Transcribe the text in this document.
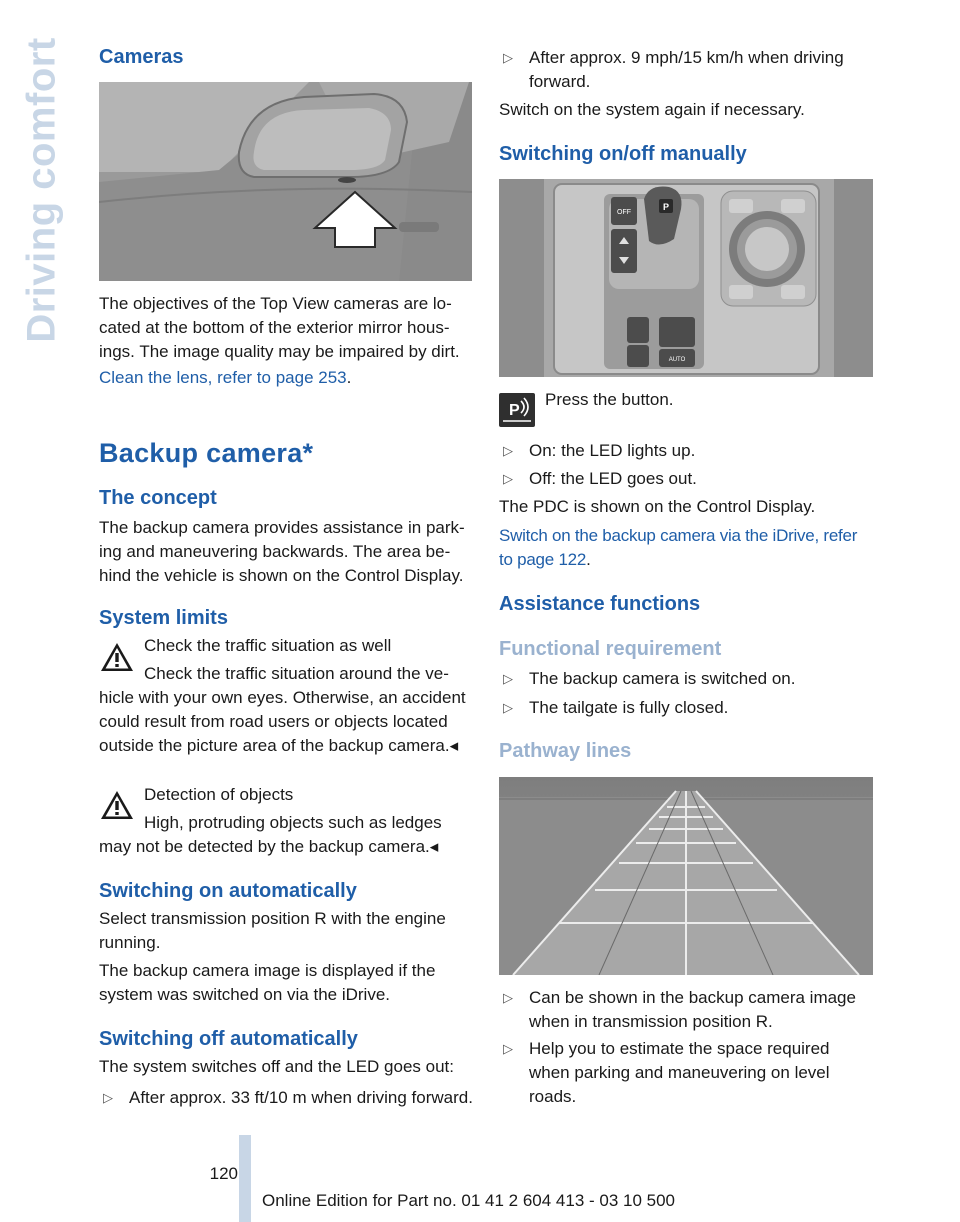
Driving comfort Cameras

The objectives of the Top View cameras are located at the bottom of the exterior mirror housings. The image quality may be impaired by dirt.

Clean the lens, refer to page 253.

Backup camera*
The concept

The backup camera provides assistance in parking and maneuvering backwards. The area behind the vehicle is shown on the Control Display.

System limits

Check the traffic situation as well

Check the traffic situation around the ve-

hicle with your own eyes. Otherwise, an accident could result from road users or objects located outside the picture area of the backup camera.◂

Detection of objects

High, protruding objects such as ledges

may not be detected by the backup camera.◂

Switching on automatically

Select transmission position R with the engine running.

The backup camera image is displayed if the system was switched on via the iDrive.

Switching off automatically

The system switches off and the LED goes out:

▷ After approx. 33 ft/10 m when driving forward.
▷ After approx. 9 mph/15 km/h when driving forward.

Switch on the system again if necessary.

Switching on/off manually
P
OFF
AUTO
P

Press the button.

▷ On: the LED lights up.
▷ Off: the LED goes out.

The PDC is shown on the Control Display.

Switch on the backup camera via the iDrive, refer to page 122.

Assistance functions
Functional requirement
▷ The backup camera is switched on.
▷ The tailgate is fully closed.
Pathway lines
▷ Can be shown in the backup camera image when in transmission position R.
▷ Help you to estimate the space required when parking and maneuvering on level roads.
120
Online Edition for Part no. 01 41 2 604 413 - 03 10 500
